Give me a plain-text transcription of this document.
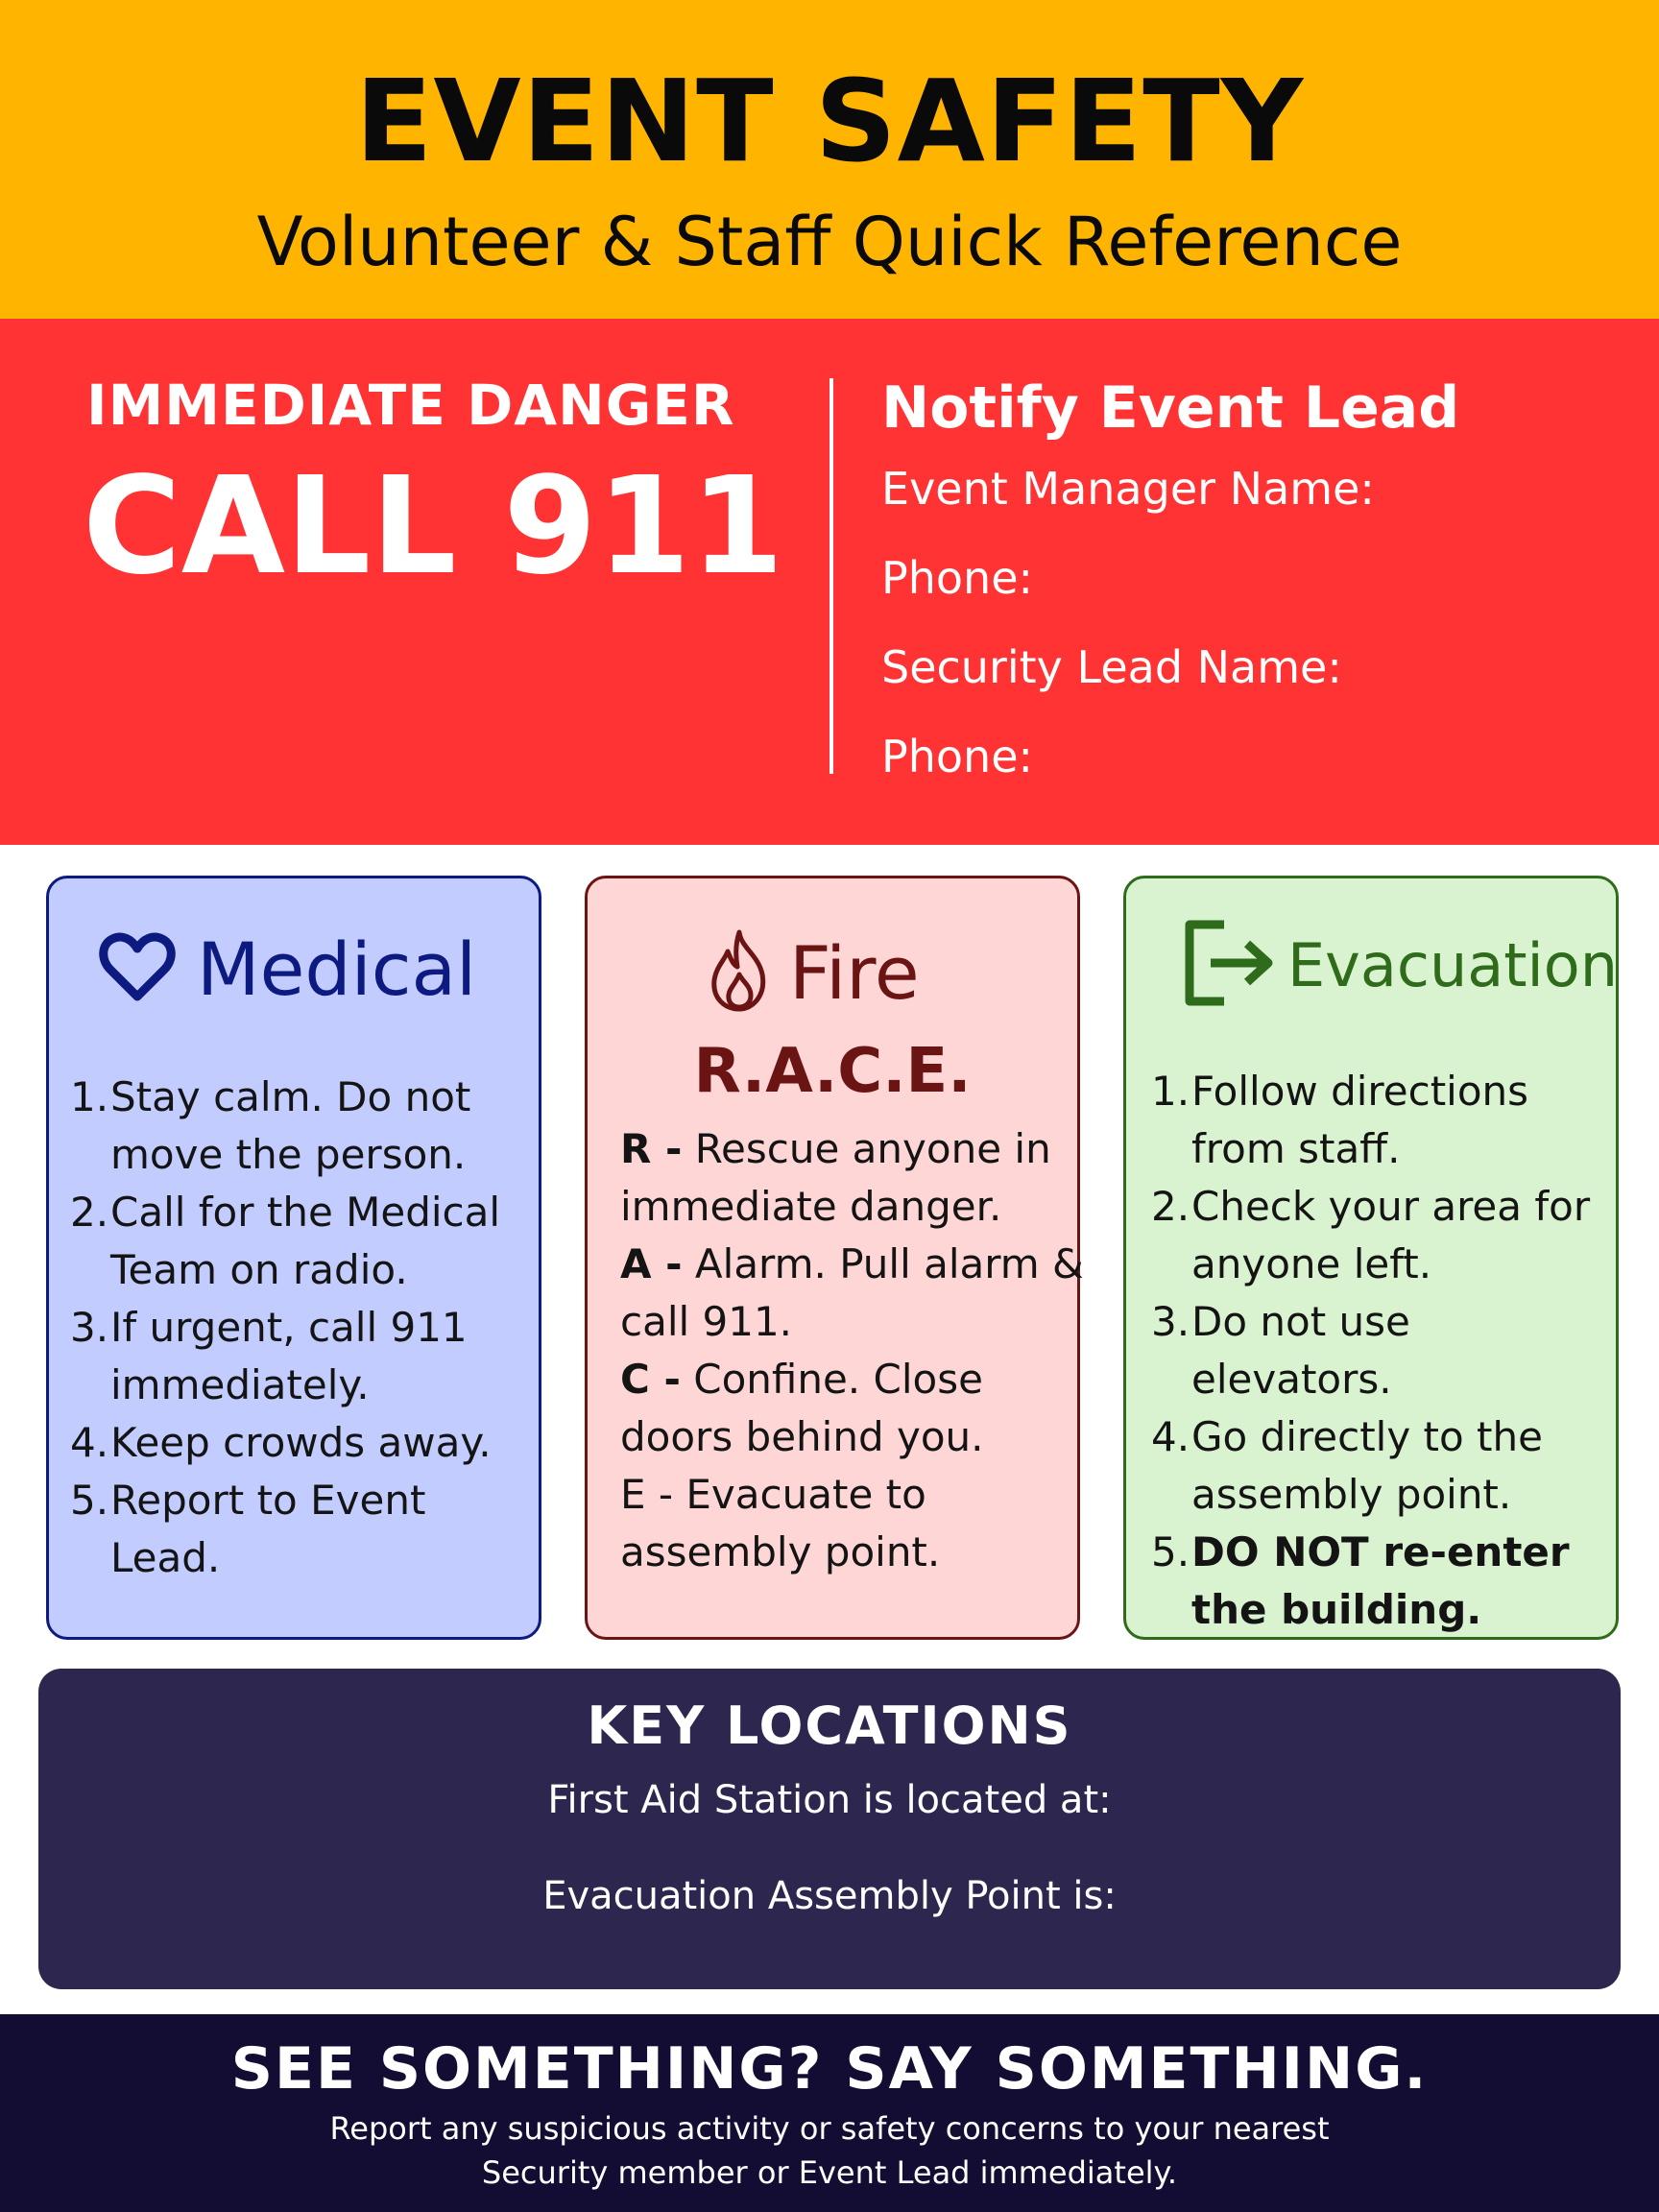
EVENT SAFETY
Volunteer & Staff Quick Reference
IMMEDIATE DANGER
CALL 911
Notify Event Lead
Event Manager Name:
Phone:
Security Lead Name:
Phone:
Medical
1. Stay calm. Do not move the person.
2. Call for the Medical Team on radio.
3. If urgent, call 911 immediately.
4. Keep crowds away.
5. Report to Event Lead.
Fire
R.A.C.E.

R - Rescue anyone in

immediate danger.

A - Alarm. Pull alarm &

call 911.

C - Confine. Close

doors behind you.

E - Evacuate to

assembly point.

Evacuation
1. Follow directions from staff.
2. Check your area for anyone left.
3. Do not use elevators.
4. Go directly to the assembly point.
5. DO NOT re-enter the building.
KEY LOCATIONS
First Aid Station is located at:
Evacuation Assembly Point is:
SEE SOMETHING? SAY SOMETHING.
Report any suspicious activity or safety concerns to your nearest
Security member or Event Lead immediately.
